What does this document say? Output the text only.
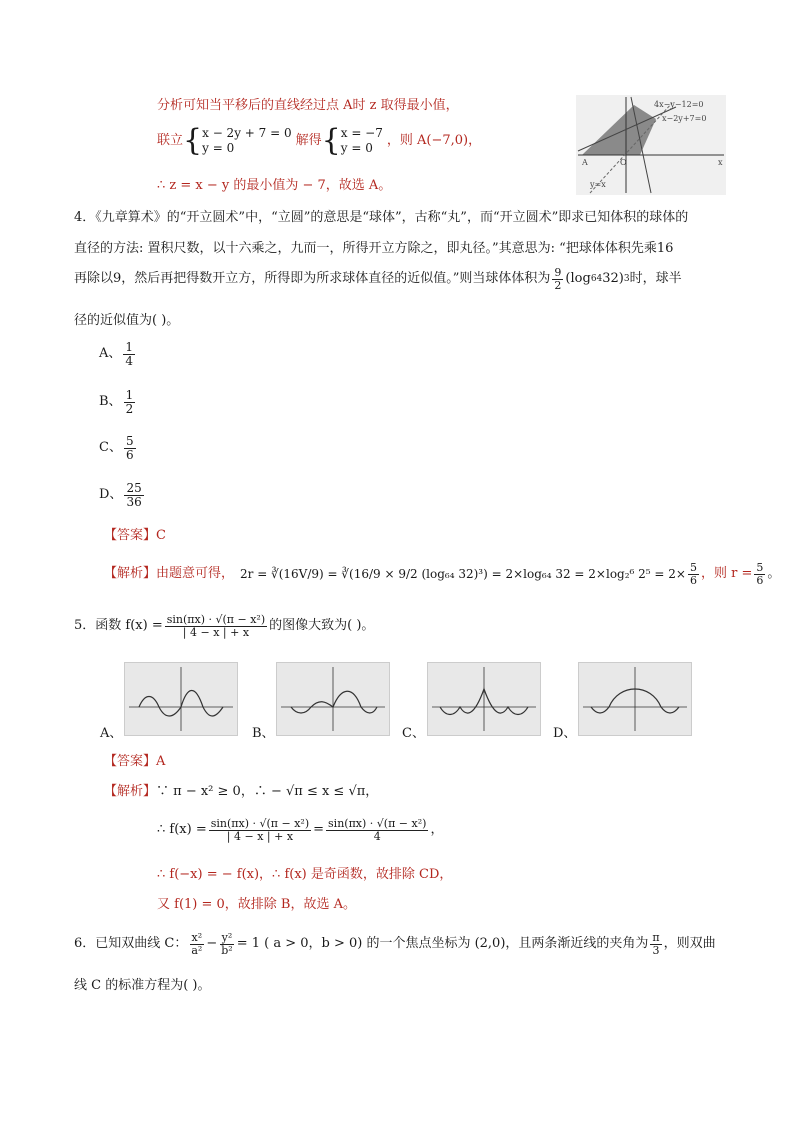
分析可知当平移后的直线经过点 A时 z 取得最小值，
联立 { x − 2y + 7 = 0
y = 0	解得 { x = −7
y = 0	，则 A(−7,0)，
∴ z = x − y 的最小值为 − 7，故选 A。
4x−y−12=0
x−2y+7=0
y=x
A	O	x
4．《九章算术》的“开立圆术”中，“立圆”的意思是“球体”，古称“丸”，而“开立圆术”即求已知体积的球体的
直径的方法: 置积尺数，以十六乘之，九而一，所得开立方除之，即丸径。”其意思为: “把球体体积先乘16
再除以9，然后再把得数开立方，所得即为所求球体直径的近似值。”则当球体体积为 $\frac{9}{2} (\log$ 64 32) 3 时，球半
径的近似值为( )。
A、 $\frac{1}{4}$
B、 $\frac{1}{2}$
C、 $\frac{5}{6}$
D、 $\frac{25}{36}$
【答案】C
【解析】 由题意可得， 2r = ∛(16V/9) = ∛(16/9 × 9/2 (log₆₄ 32)³) = 2×log₆₄ 32 = 2×log₂⁶ $2^5 = 2\times \frac{5}{6}$ ，则 $r = \frac{5}{6}$ 。
5．函数 $f(x) = \frac{\text{sin(πx) · √(π − x²)}}{| 4 - x | + x}$ 的图像大致为( )。
A、	B、	C、	D、
【答案】A
【解析】∵ π − x² ≥ 0，∴ − √π ≤ x ≤ √π，
∴ $f(x) = \frac{\text{sin(πx) · √(π − x²)}}{| 4 - x | + x} = \frac{\text{sin(πx) · √(π − x²)}}{4}$ ，
∴ f(−x) = − f(x)，∴ f(x) 是奇函数，故排除 CD，
又 f(1) = 0，故排除 B，故选 A。
6．已知双曲线 C： $\frac{\text{x²}}{\text{a²}} - \frac{\text{y²}}{\text{b²}} = 1$ ( a > 0，b > 0) 的一个焦点坐标为 (2,0)，且两条渐近线的夹角为 $\frac{\pi}{3}$ ，则双曲
线 C 的标准方程为( )。
